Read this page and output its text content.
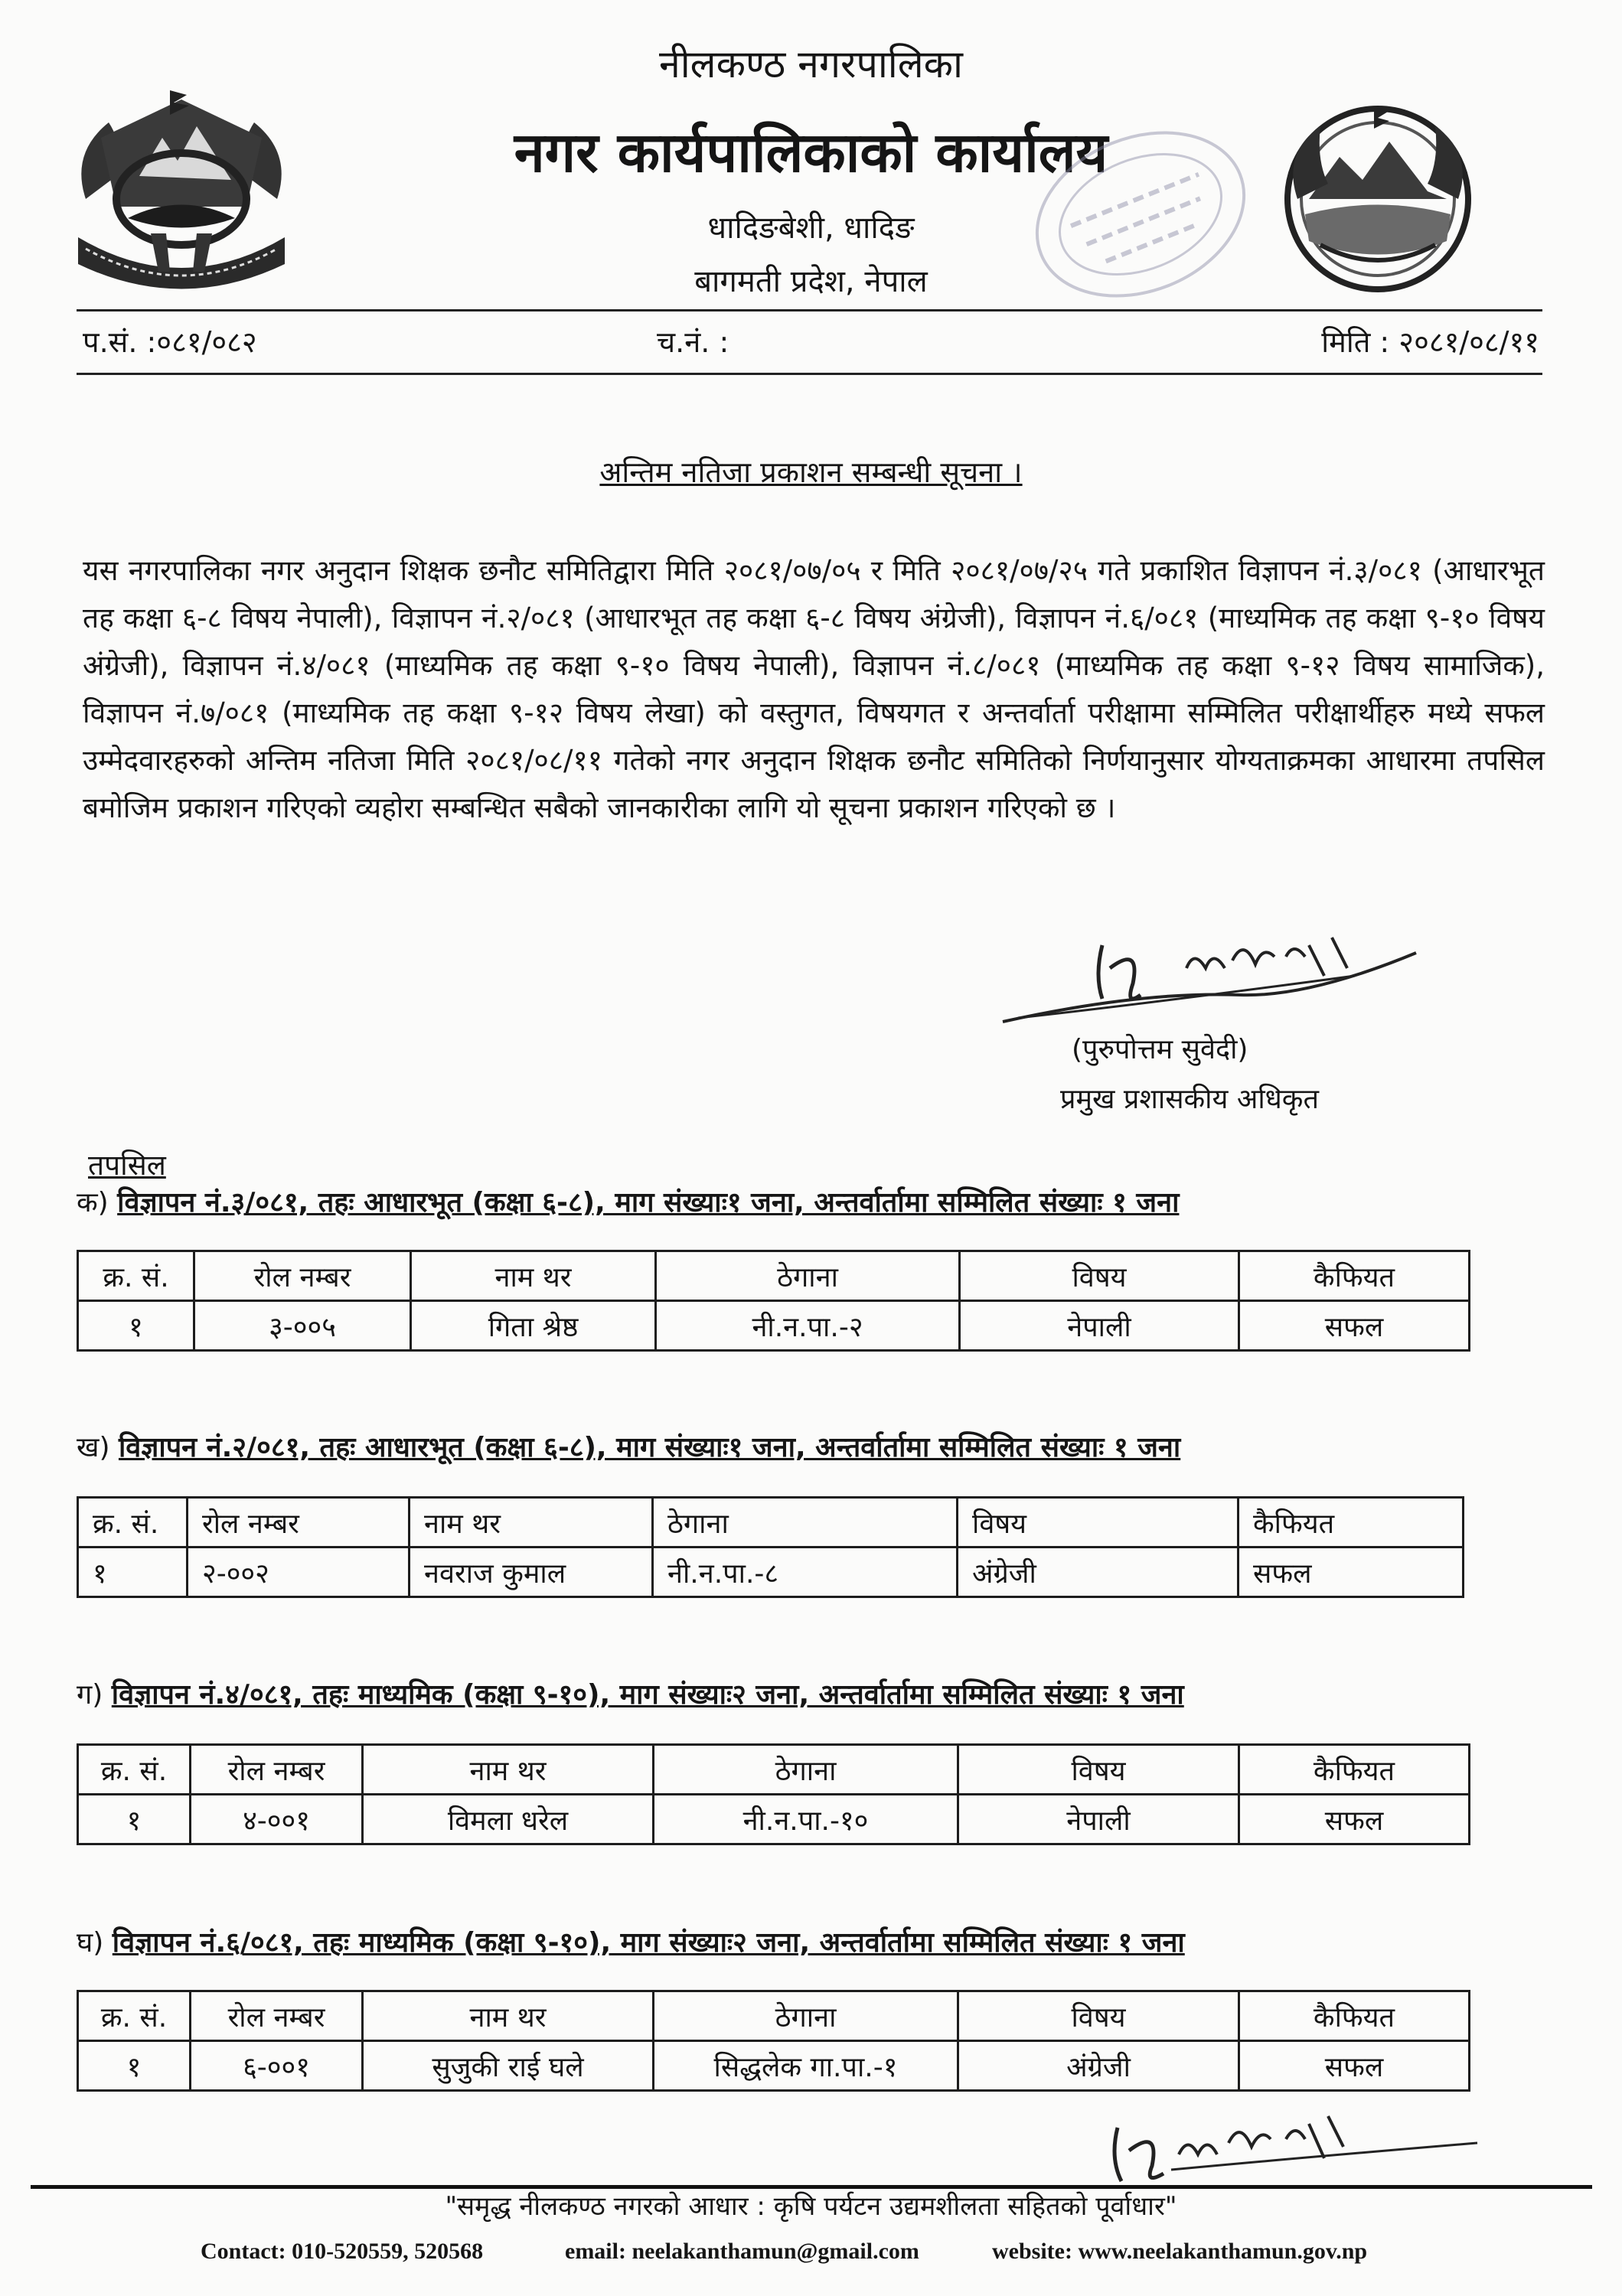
नीलकण्ठ नगरपालिका
नगर कार्यपालिकाको कार्यालय
धादिङबेशी, धादिङ
बागमती प्रदेश, नेपाल
प.सं. :०८१/०८२	च.नं. :	मिति : २०८१/०८/११
अन्तिम नतिजा प्रकाशन सम्बन्धी सूचना ।

यस नगरपालिका नगर अनुदान शिक्षक छनौट समितिद्वारा मिति २०८१/०७/०५ र मिति २०८१/०७/२५ गते प्रकाशित विज्ञापन नं.३/०८१ (आधारभूत तह कक्षा ६-८ विषय नेपाली), विज्ञापन नं.२/०८१ (आधारभूत तह कक्षा ६-८ विषय अंग्रेजी), विज्ञापन नं.६/०८१ (माध्यमिक तह कक्षा ९-१० विषय अंग्रेजी), विज्ञापन नं.४/०८१ (माध्यमिक तह कक्षा ९-१० विषय नेपाली), विज्ञापन नं.८/०८१ (माध्यमिक तह कक्षा ९-१२ विषय सामाजिक), विज्ञापन नं.७/०८१ (माध्यमिक तह कक्षा ९-१२ विषय लेखा) को वस्तुगत, विषयगत र अन्तर्वार्ता परीक्षामा सम्मिलित परीक्षार्थीहरु मध्ये सफल उम्मेदवारहरुको अन्तिम नतिजा मिति २०८१/०८/११ गतेको नगर अनुदान शिक्षक छनौट समितिको निर्णयानुसार योग्यताक्रमका आधारमा तपसिल बमोजिम प्रकाशन गरिएको व्यहोरा सम्बन्धित सबैको जानकारीका लागि यो सूचना प्रकाशन गरिएको छ ।

(पुरुपोत्तम सुवेदी)
प्रमुख प्रशासकीय अधिकृत
तपसिल
क) विज्ञापन नं.३/०८१, तहः आधारभूत (कक्षा ६-८), माग संख्याः१ जना, अन्तर्वार्तामा सम्मिलित संख्याः १ जना
क्र. सं.	रोल नम्बर	नाम थर	ठेगाना	विषय	कैफियत
१	३-००५	गिता श्रेष्ठ	नी.न.पा.-२	नेपाली	सफल
ख) विज्ञापन नं.२/०८१, तहः आधारभूत (कक्षा ६-८), माग संख्याः१ जना, अन्तर्वार्तामा सम्मिलित संख्याः १ जना
क्र. सं.	रोल नम्बर	नाम थर	ठेगाना	विषय	कैफियत
१	२-००२	नवराज कुमाल	नी.न.पा.-८	अंग्रेजी	सफल
ग) विज्ञापन नं.४/०८१, तहः माध्यमिक (कक्षा ९-१०), माग संख्याः२ जना, अन्तर्वार्तामा सम्मिलित संख्याः १ जना
क्र. सं.	रोल नम्बर	नाम थर	ठेगाना	विषय	कैफियत
१	४-००१	विमला धरेल	नी.न.पा.-१०	नेपाली	सफल
घ) विज्ञापन नं.६/०८१, तहः माध्यमिक (कक्षा ९-१०), माग संख्याः२ जना, अन्तर्वार्तामा सम्मिलित संख्याः १ जना
क्र. सं.	रोल नम्बर	नाम थर	ठेगाना	विषय	कैफियत
१	६-००१	सुजुकी राई घले	सिद्धलेक गा.पा.-१	अंग्रेजी	सफल
"समृद्ध नीलकण्ठ नगरको आधार : कृषि पर्यटन उद्यमशीलता सहितको पूर्वाधार"
Contact: 010-520559, 520568	email: neelakanthamun@gmail.com	website: www.neelakanthamun.gov.np
